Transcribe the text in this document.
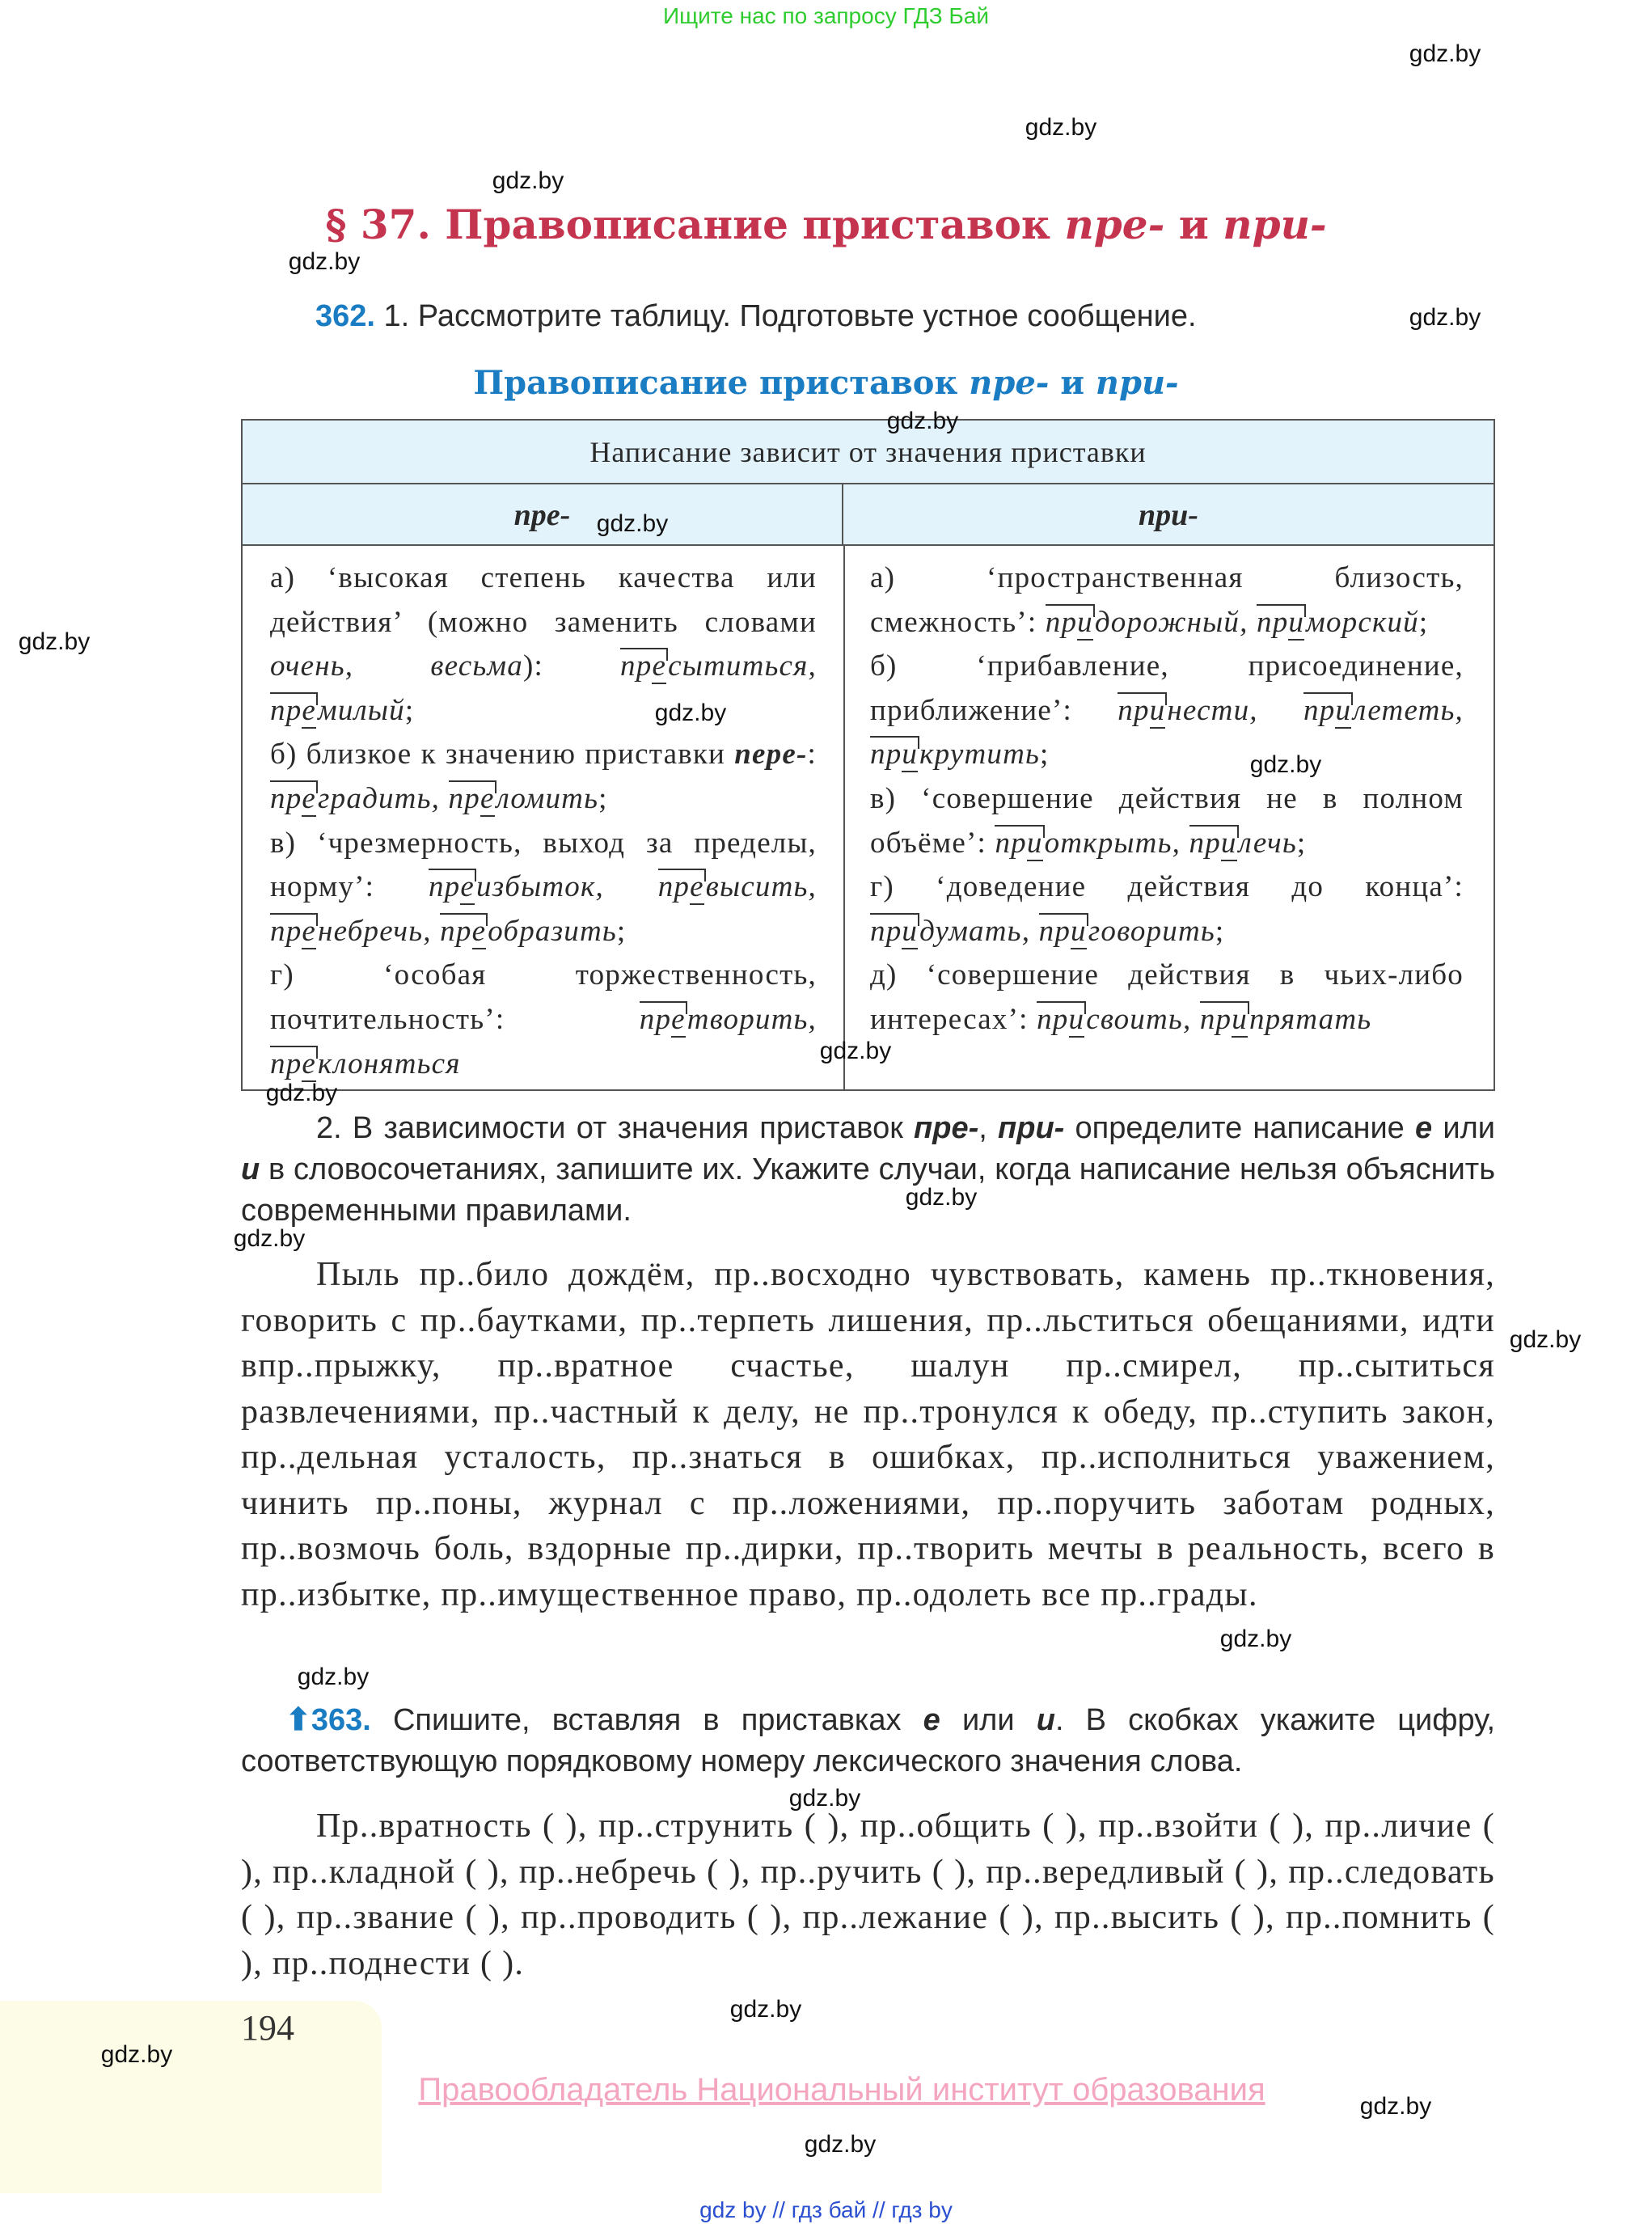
Ищите нас по запросу ГДЗ Бай
§ 37. Правописание приставок пре- и при-
362. 1. Рассмотрите таблицу. Подготовьте устное сообщение.
Правописание приставок пре- и при-
Написание зависит от значения приставки
пре-	при-
а) ‘высокая степень качества или действия’ (можно заменить словами очень, весьма): пресытиться, премилый;
б) близкое к значению приставки пере-: преградить, преломить;
в) ‘чрезмерность, выход за пределы, норму’: преизбыток, превысить, пренебречь, преобразить;
г) ‘особая торжественность, почтительность’: претворить, преклоняться
а) ‘пространственная близость, смежность’: придорожный, приморский;
б) ‘прибавление, присоединение, приближение’: принести, прилететь, прикрутить;
в) ‘совершение действия не в полном объёме’: приоткрыть, прилечь;
г) ‘доведение действия до конца’: придумать, приговорить;
д) ‘совершение действия в чьих-либо интересах’: присвоить, припрятать
2. В зависимости от значения приставок пре-, при- определите написание е или и в словосочетаниях, запишите их. Укажите случаи, когда написание нельзя объяснить современными правилами.
Пыль пр..било дождём, пр..восходно чувствовать, камень пр..ткновения, говорить с пр..баутками, пр..терпеть лишения, пр..льститься обещаниями, идти впр..прыжку, пр..вратное счастье, шалун пр..смирел, пр..сытиться развлечениями, пр..частный к делу, не пр..тронулся к обеду, пр..ступить закон, пр..дельная усталость, пр..знаться в ошибках, пр..исполниться уважением, чинить пр..поны, журнал с пр..ложениями, пр..поручить заботам родных, пр..возмочь боль, вздорные пр..дирки, пр..творить мечты в реальность, всего в пр..избытке, пр..имущественное право, пр..одолеть все пр..грады.
⬆363. Спишите, вставляя в приставках е или и. В скобках укажите цифру, соответствующую порядковому номеру лексического значения слова.
Пр..вратность ( ), пр..струнить ( ), пр..общить ( ), пр..взойти ( ), пр..личие ( ), пр..кладной ( ), пр..небречь ( ), пр..ручить ( ), пр..вередливый ( ), пр..следовать ( ), пр..звание ( ), пр..проводить ( ), пр..лежание ( ), пр..высить ( ), пр..помнить ( ), пр..поднести ( ).
194
Правообладатель Национальный институт образования
gdz by // гдз бай // гдз by
gdz.by
gdz.by
gdz.by
gdz.by
gdz.by
gdz.by
gdz.by
gdz.by
gdz.by
gdz.by
gdz.by
gdz.by
gdz.by
gdz.by
gdz.by
gdz.by
gdz.by
gdz.by
gdz.by
gdz.by
gdz.by
gdz.by
